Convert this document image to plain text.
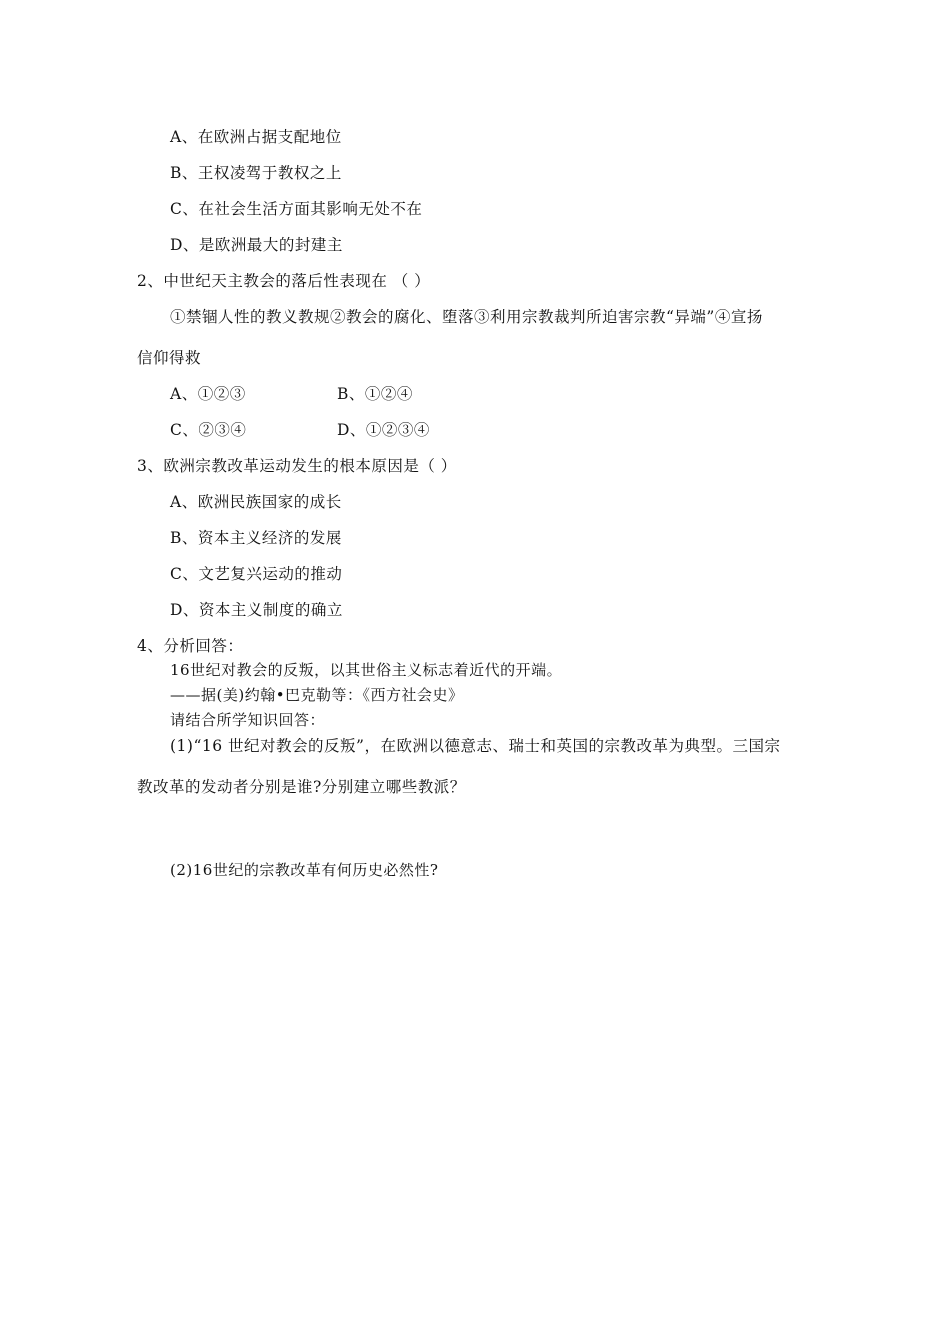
A、在欧洲占据支配地位
B、王权凌驾于教权之上
C、在社会生活方面其影响无处不在
D、是欧洲最大的封建主
2、中世纪天主教会的落后性表现在 （ ）
①禁锢人性的教义教规②教会的腐化、堕落③利用宗教裁判所迫害宗教“异端”④宣扬
信仰得救
A、①②③	B、①②④
C、②③④	D、①②③④
3、欧洲宗教改革运动发生的根本原因是（ ）
A、欧洲民族国家的成长
B、资本主义经济的发展
C、文艺复兴运动的推动
D、资本主义制度的确立
4、分析回答：
16世纪对教会的反叛，以其世俗主义标志着近代的开端。
——据(美)约翰•巴克勒等：《西方社会史》
请结合所学知识回答：
(1)“16 世纪对教会的反叛”，在欧洲以德意志、瑞士和英国的宗教改革为典型。三国宗
教改革的发动者分别是谁?分别建立哪些教派？
(2)16世纪的宗教改革有何历史必然性?
